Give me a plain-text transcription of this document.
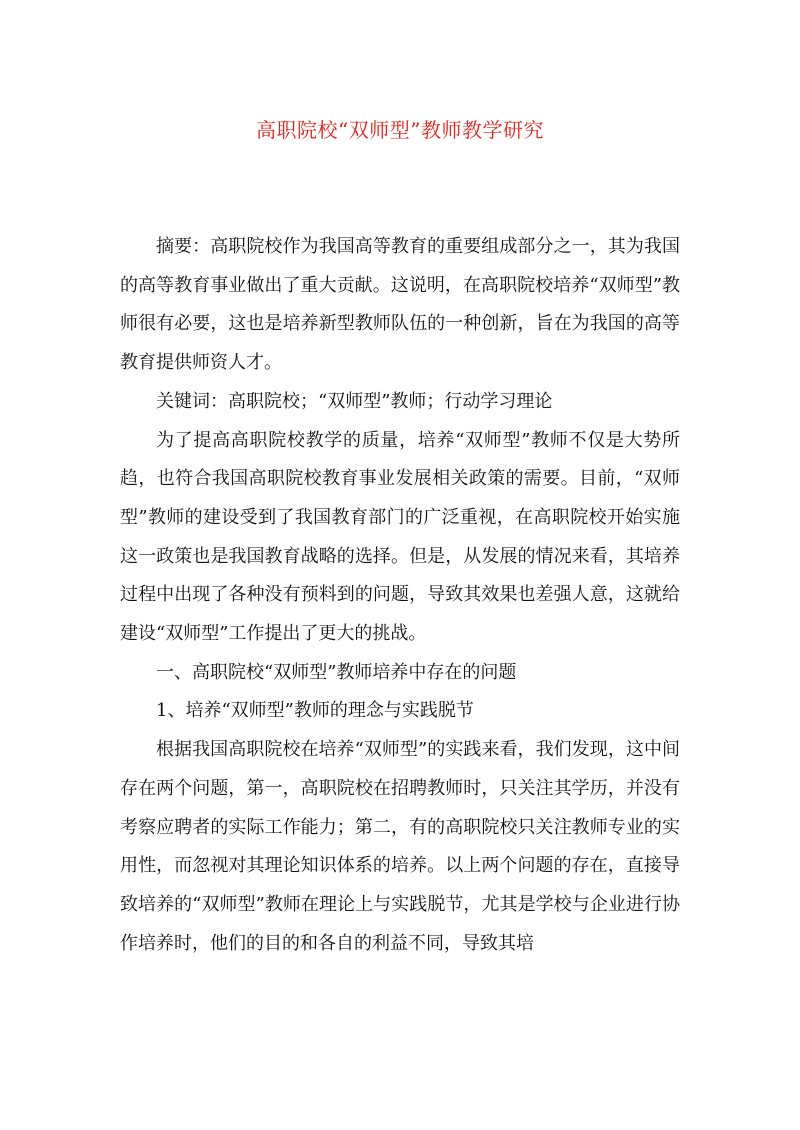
高职院校“双师型”教师教学研究

摘要：高职院校作为我国高等教育的重要组成部分之一，其为我国的高等教育事业做出了重大贡献。这说明，在高职院校培养“双师型”教师很有必要，这也是培养新型教师队伍的一种创新，旨在为我国的高等教育提供师资人才。

关键词：高职院校；“双师型”教师；行动学习理论

为了提高高职院校教学的质量，培养“双师型”教师不仅是大势所趋，也符合我国高职院校教育事业发展相关政策的需要。目前，“双师型”教师的建设受到了我国教育部门的广泛重视，在高职院校开始实施这一政策也是我国教育战略的选择。但是，从发展的情况来看，其培养过程中出现了各种没有预料到的问题，导致其效果也差强人意，这就给建设“双师型”工作提出了更大的挑战。

一、高职院校“双师型”教师培养中存在的问题

1、培养“双师型”教师的理念与实践脱节

根据我国高职院校在培养“双师型”的实践来看，我们发现，这中间存在两个问题，第一，高职院校在招聘教师时，只关注其学历，并没有考察应聘者的实际工作能力；第二，有的高职院校只关注教师专业的实用性，而忽视对其理论知识体系的培养。以上两个问题的存在，直接导致培养的“双师型”教师在理论上与实践脱节，尤其是学校与企业进行协作培养时，他们的目的和各自的利益不同，导致其培
